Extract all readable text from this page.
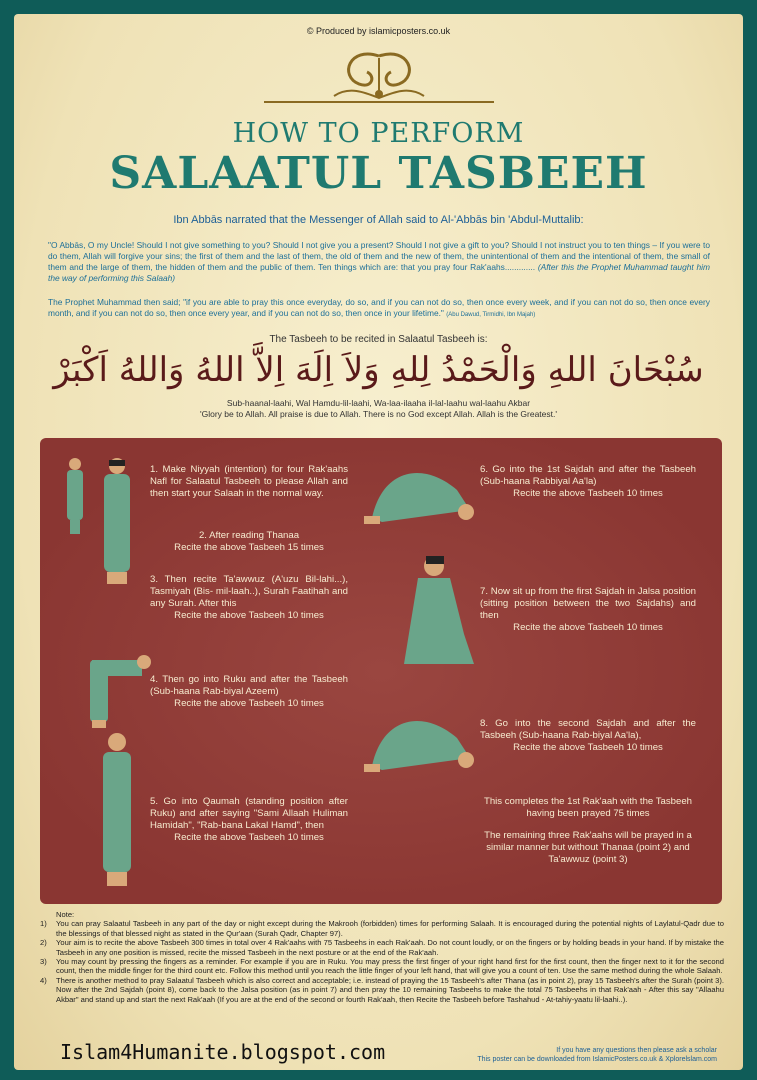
© Produced by islamicposters.co.uk
HOW TO PERFORM
SALAATUL TASBEEH
Ibn Abbās narrated that the Messenger of Allah said to Al-'Abbās bin 'Abdul-Muttalib:
"O Abbās, O my Uncle! Should I not give something to you? Should I not give you a present? Should I not give a gift to you? Should I not instruct you to ten things – If you were to do them, Allah will forgive your sins; the first of them and the last of them, the old of them and the new of them, the unintentional of them and the intentional of them, the small of them and the large of them, the hidden of them and the public of them. Ten things which are: that you pray four Rak'aahs............. (After this the Prophet Muhammad taught him the way of performing this Salaah)
The Prophet Muhammad then said; "if you are able to pray this once everyday, do so, and if you can not do so, then once every week, and if you can not do so, then once every month, and if you can not do so, then once every year, and if you can not do so, then once in your lifetime." (Abu Dawud, Tirmidhi, Ibn Majah)
The Tasbeeh to be recited in Salaatul Tasbeeh is:
سُبْحَانَ اللهِ وَالْحَمْدُ لِلهِ وَلاَ اِلَهَ اِلاَّ اللهُ وَاللهُ اَكْبَرْ
Sub-haanal-laahi, Wal Hamdu-lil-laahi, Wa-laa-ilaaha il-lal-laahu wal-laahu Akbar
'Glory be to Allah. All praise is due to Allah. There is no God except Allah. Allah is the Greatest.'
1. Make Niyyah (intention) for four Rak'aahs Nafl for Salaatul Tasbeeh to please Allah and then start your Salaah in the normal way.
2. After reading Thanaa
Recite the above Tasbeeh 15 times
3. Then recite Ta'awwuz (A'uzu Bil-lahi...), Tasmiyah (Bis- mil-laah..), Surah Faatihah and any Surah. After this
Recite the above Tasbeeh 10 times
4. Then go into Ruku and after the Tasbeeh (Sub-haana Rab-biyal Azeem)
Recite the above Tasbeeh 10 times
5. Go into Qaumah (standing position after Ruku) and after saying "Sami Allaah Huliman Hamidah", "Rab-bana Lakal Hamd", then
Recite the above Tasbeeh 10 times
6. Go into the 1st Sajdah and after the Tasbeeh (Sub-haana Rabbiyal Aa'la)
Recite the above Tasbeeh 10 times
7. Now sit up from the first Sajdah in Jalsa position (sitting position between the two Sajdahs) and then
Recite the above Tasbeeh 10 times
8. Go into the second Sajdah and after the Tasbeeh (Sub-haana Rab-biyal Aa'la),
Recite the above Tasbeeh 10 times
This completes the 1st Rak'aah with the Tasbeeh having been prayed 75 times
The remaining three Rak'aahs will be prayed in a similar manner but without Thanaa (point 2) and Ta'awwuz (point 3)
Note:
1)	You can pray Salaatul Tasbeeh in any part of the day or night except during the Makrooh (forbidden) times for performing Salaah. It is encouraged during the potential nights of Laylatul-Qadr due to the blessings of that blessed night as stated in the Qur'aan (Surah Qadr, Chapter 97).
2)	Your aim is to recite the above Tasbeeh 300 times in total over 4 Rak'aahs with 75 Tasbeehs in each Rak'aah. Do not count loudly, or on the fingers or by holding beads in your hand. If by mistake the Tasbeeh in any one position is missed, recite the missed Tasbeeh in the next posture or at the end of the Rak'aah.
3)	You may count by pressing the fingers as a reminder. For example if you are in Ruku. You may press the first finger of your right hand first for the first count, then the finger next to it for the second count, then the middle finger for the third count etc. Follow this method until you reach the little finger of your left hand, that will give you a count of ten. Use the same method during the whole Salaah.
4)	There is another method to pray Salaatul Tasbeeh which is also correct and acceptable; i.e. instead of praying the 15 Tasbeeh's after Thana (as in point 2), pray 15 Tasbeeh's after the Surah (point 3). Now after the 2nd Sajdah (point 8), come back to the Jalsa position (as in point 7) and then pray the 10 remaining Tasbeehs to make the total 75 Tasbeehs in that Rak'aah - After this say "Allaahu Akbar" and stand up and start the next Rak'aah (If you are at the end of the second or fourth Rak'aah, then Recite the Tasbeeh before Tashahud - At-tahiy-yaatu lil-laahi..).
If you have any questions then please ask a scholar
This poster can be downloaded from IslamicPosters.co.uk & Xplorelslam.com
Islam4Humanite.blogspot.com
